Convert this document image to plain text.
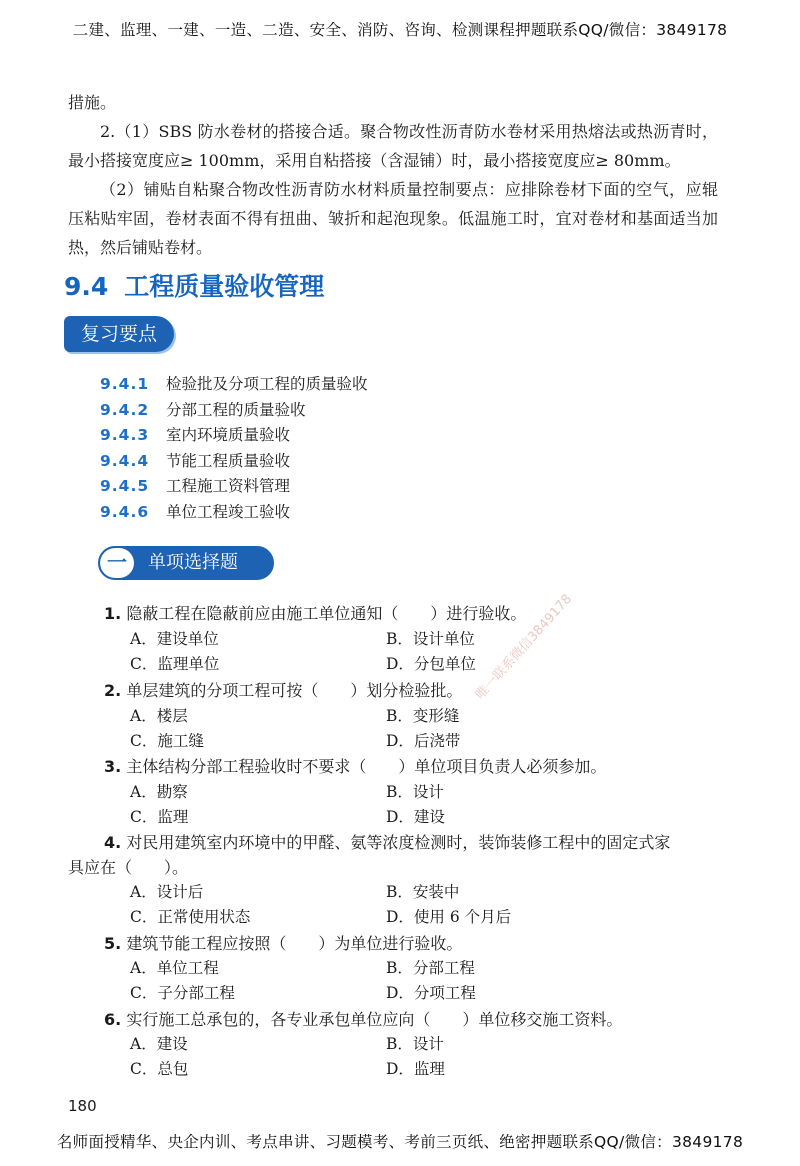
二建、监理、一建、一造、二造、安全、消防、咨询、检测课程押题联系QQ/微信：3849178

措施。

2.（1）SBS 防水卷材的搭接合适。聚合物改性沥青防水卷材采用热熔法或热沥青时，最小搭接宽度应≥ 100mm，采用自粘搭接（含湿铺）时，最小搭接宽度应≥ 80mm。

（2）铺贴自粘聚合物改性沥青防水材料质量控制要点：应排除卷材下面的空气，应辊压粘贴牢固，卷材表面不得有扭曲、皱折和起泡现象。低温施工时，宜对卷材和基面适当加热，然后铺贴卷材。

9.4 工程质量验收管理
复习要点
9.4.1 检验批及分项工程的质量验收
9.4.2 分部工程的质量验收
9.4.3 室内环境质量验收
9.4.4 节能工程质量验收
9.4.5 工程施工资料管理
9.4.6 单位工程竣工验收
一	单项选择题
1. 隐蔽工程在隐蔽前应由施工单位通知（　　）进行验收。
A．建设单位	B．设计单位
C．监理单位	D．分包单位
2. 单层建筑的分项工程可按（　　）划分检验批。
A．楼层	B．变形缝
C．施工缝	D．后浇带
3. 主体结构分部工程验收时不要求（　　）单位项目负责人必须参加。
A．勘察	B．设计
C．监理	D．建设
4. 对民用建筑室内环境中的甲醛、氨等浓度检测时，装饰装修工程中的固定式家
具应在（　　）。
A．设计后	B．安装中
C．正常使用状态	D．使用 6 个月后
5. 建筑节能工程应按照（　　）为单位进行验收。
A．单位工程	B．分部工程
C．子分部工程	D．分项工程
6. 实行施工总承包的，各专业承包单位应向（　　）单位移交施工资料。
A．建设	B．设计
C．总包	D．监理
180
唯一联系微信3849178
名师面授精华、央企内训、考点串讲、习题模考、考前三页纸、绝密押题联系QQ/微信：3849178
